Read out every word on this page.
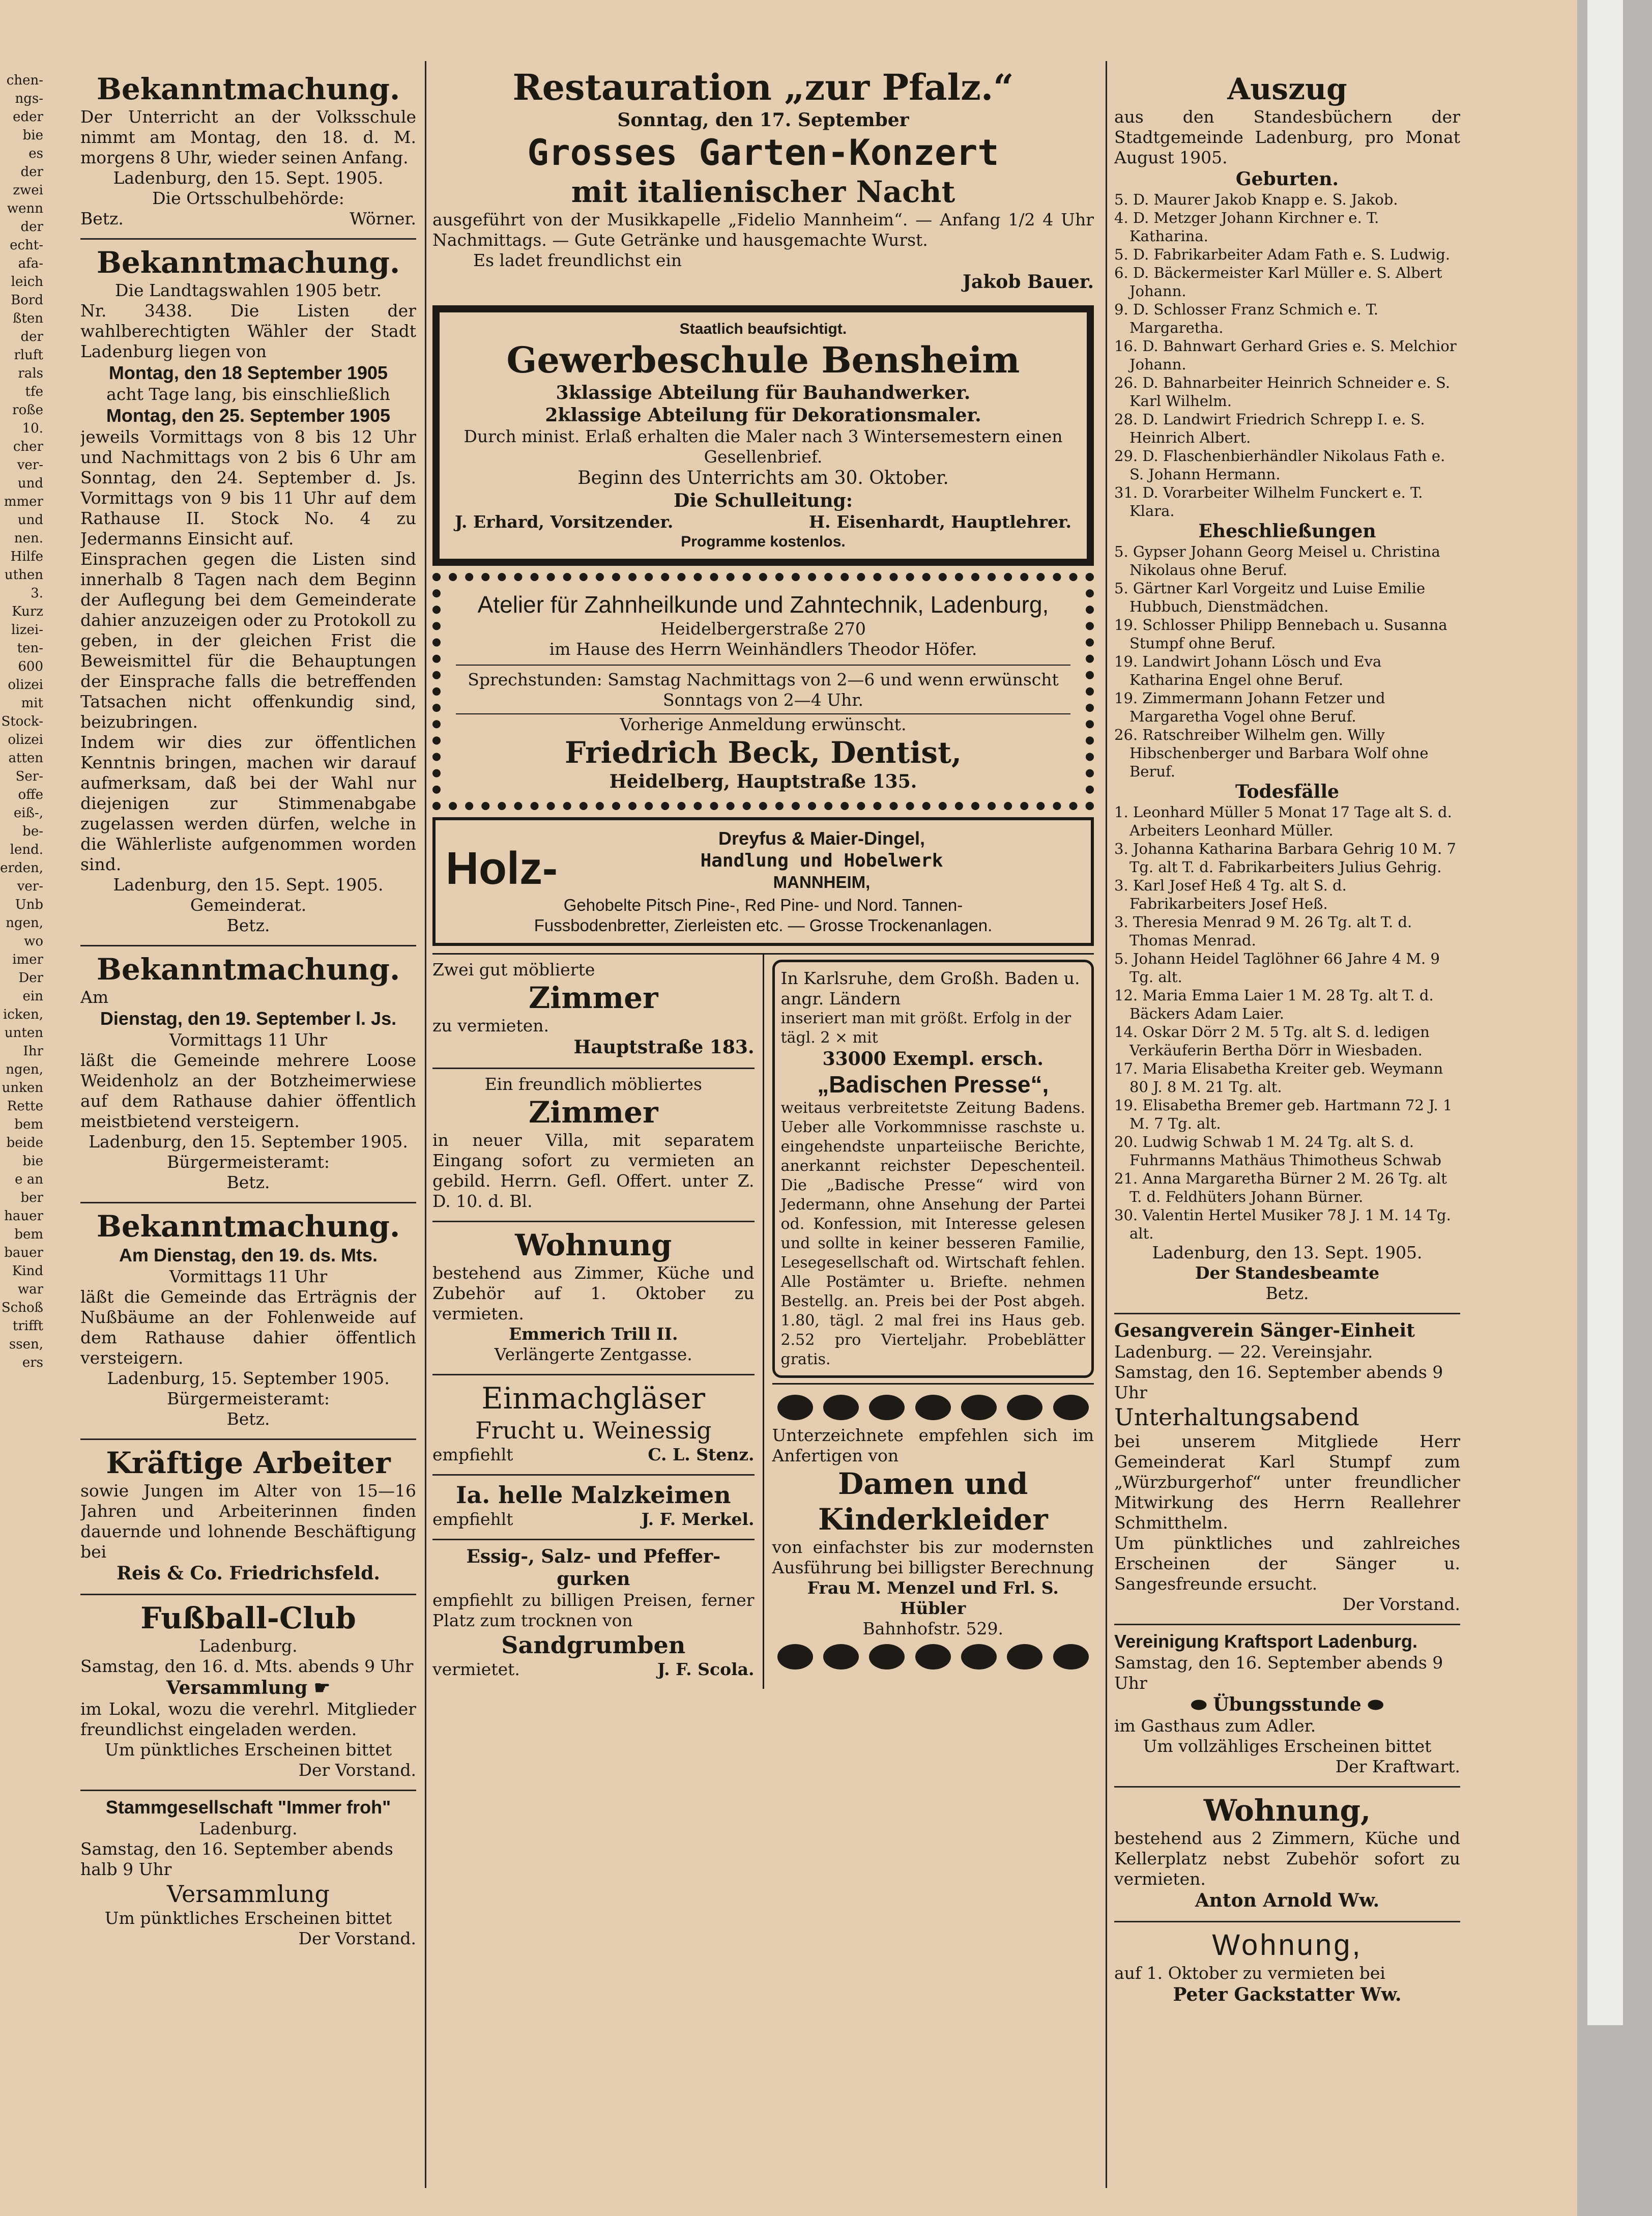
chen-
ngs-
eder
bie
es
der
zwei
wenn
der
echt-
afa-
leich
Bord
ßten
der
rluft
rals
tfe
roße
10.
cher
ver-
und
mmer
und
nen.
Hilfe
uthen
3.
Kurz
lizei-
ten-
600
olizei
mit
Stock-
olizei
atten
Ser-
offe
eiß-,
be-
lend.
erden,
ver-
Unb
ngen,
wo
imer
Der
ein
icken,
unten
Ihr
ngen,
unken
Rette
bem
beide
bie
e an
ber
hauer
bem
bauer
Kind
war
Schoß
trifft
ssen,
ers
Bekanntmachung.
Der Unterricht an der Volksschule nimmt am Montag, den 18. d. M. morgens 8 Uhr, wieder seinen Anfang.
Ladenburg, den 15. Sept. 1905.
Die Ortsschulbehörde:
Betz.	Wörner.
Bekanntmachung.
Die Landtagswahlen 1905 betr.
Nr. 3438. Die Listen der wahlberechtigten Wähler der Stadt Ladenburg liegen von
Montag, den 18 September 1905
acht Tage lang, bis einschließlich
Montag, den 25. September 1905
jeweils Vormittags von 8 bis 12 Uhr und Nachmittags von 2 bis 6 Uhr am Sonntag, den 24. September d. Js. Vormittags von 9 bis 11 Uhr auf dem Rathause II. Stock No. 4 zu Jedermanns Einsicht auf.
Einsprachen gegen die Listen sind innerhalb 8 Tagen nach dem Beginn der Auflegung bei dem Gemeinderate dahier anzuzeigen oder zu Protokoll zu geben, in der gleichen Frist die Beweismittel für die Behauptungen der Einsprache falls die betreffenden Tatsachen nicht offenkundig sind, beizubringen.
Indem wir dies zur öffentlichen Kenntnis bringen, machen wir darauf aufmerksam, daß bei der Wahl nur diejenigen zur Stimmenabgabe zugelassen werden dürfen, welche in die Wählerliste aufgenommen worden sind.
Ladenburg, den 15. Sept. 1905.
Gemeinderat.
Betz.
Bekanntmachung.
Am
Dienstag, den 19. September l. Js.
Vormittags 11 Uhr
läßt die Gemeinde mehrere Loose Weidenholz an der Botzheimerwiese auf dem Rathause dahier öffentlich meistbietend versteigern.
Ladenburg, den 15. September 1905.
Bürgermeisteramt:
Betz.
Bekanntmachung.
Am Dienstag, den 19. ds. Mts.
Vormittags 11 Uhr
läßt die Gemeinde das Erträgnis der Nußbäume an der Fohlenweide auf dem Rathause dahier öffentlich versteigern.
Ladenburg, 15. September 1905.
Bürgermeisteramt:
Betz.
Kräftige Arbeiter
sowie Jungen im Alter von 15—16 Jahren und Arbeiterinnen finden dauernde und lohnende Beschäftigung bei
Reis & Co. Friedrichsfeld.
Fußball-Club
Ladenburg.
Samstag, den 16. d. Mts. abends 9 Uhr
Versammlung ☛
im Lokal, wozu die verehrl. Mitglieder freundlichst eingeladen werden.
Um pünktliches Erscheinen bittet
Der Vorstand.
Stammgesellschaft "Immer froh"
Ladenburg.
Samstag, den 16. September abends halb 9 Uhr
Versammlung
Um pünktliches Erscheinen bittet
Der Vorstand.
Restauration „zur Pfalz.“
Sonntag, den 17. September
Grosses Garten-Konzert
mit italienischer Nacht
ausgeführt von der Musikkapelle „Fidelio Mannheim“. — Anfang 1/2 4 Uhr Nachmittags. — Gute Getränke und hausgemachte Wurst.
Es ladet freundlichst ein
Jakob Bauer.
Staatlich beaufsichtigt.
Gewerbeschule Bensheim
3klassige Abteilung für Bauhandwerker.
2klassige Abteilung für Dekorationsmaler.
Durch minist. Erlaß erhalten die Maler nach 3 Wintersemestern einen Gesellenbrief.
Beginn des Unterrichts am 30. Oktober.
Die Schulleitung:
J. Erhard, Vorsitzender.	H. Eisenhardt, Hauptlehrer.
Programme kostenlos.
Atelier für Zahnheilkunde und Zahntechnik, Ladenburg,
Heidelbergerstraße 270
im Hause des Herrn Weinhändlers Theodor Höfer.
Sprechstunden: Samstag Nachmittags von 2—6 und wenn erwünscht Sonntags von 2—4 Uhr.
Vorherige Anmeldung erwünscht.
Friedrich Beck, Dentist,
Heidelberg, Hauptstraße 135.
Holz-
Dreyfus & Maier-Dingel,
Handlung und Hobelwerk
MANNHEIM,
Gehobelte Pitsch Pine-, Red Pine- und Nord. Tannen-
Fussbodenbretter, Zierleisten etc. — Grosse Trockenanlagen.
Zwei gut möblierte
Zimmer
zu vermieten.
Hauptstraße 183.
Ein freundlich möbliertes
Zimmer
in neuer Villa, mit separatem Eingang sofort zu vermieten an gebild. Herrn. Gefl. Offert. unter Z. D. 10. d. Bl.
Wohnung
bestehend aus Zimmer, Küche und Zubehör auf 1. Oktober zu vermieten.
Emmerich Trill II.
Verlängerte Zentgasse.
Einmachgläser
Frucht u. Weinessig
empfiehlt	C. L. Stenz.
Ia. helle Malzkeimen
empfiehlt	J. F. Merkel.
Essig-, Salz- und Pfeffer-gurken
empfiehlt zu billigen Preisen, ferner Platz zum trocknen von
Sandgrumben
vermietet.	J. F. Scola.
In Karlsruhe, dem Großh. Baden u. angr. Ländern
inseriert man mit größt. Erfolg in der tägl. 2 × mit
33000 Exempl. ersch.
„Badischen Presse“,
weitaus verbreitetste Zeitung Badens. Ueber alle Vorkommnisse raschste u. eingehendste unparteiische Berichte, anerkannt reichster Depeschenteil. Die „Badische Presse“ wird von Jedermann, ohne Ansehung der Partei od. Konfession, mit Interesse gelesen und sollte in keiner besseren Familie, Lesegesellschaft od. Wirtschaft fehlen. Alle Postämter u. Briefte. nehmen Bestellg. an. Preis bei der Post abgeh. 1.80, tägl. 2 mal frei ins Haus geb. 2.52 pro Vierteljahr. Probeblätter gratis.
Unterzeichnete empfehlen sich im Anfertigen von
Damen und Kinderkleider
von einfachster bis zur modernsten Ausführung bei billigster Berechnung
Frau M. Menzel und Frl. S. Hübler
Bahnhofstr. 529.
Auszug
aus den Standesbüchern der Stadtgemeinde Ladenburg, pro Monat August 1905.
Geburten.
5. D. Maurer Jakob Knapp e. S. Jakob.
4. D. Metzger Johann Kirchner e. T. Katharina.
5. D. Fabrikarbeiter Adam Fath e. S. Ludwig.
6. D. Bäckermeister Karl Müller e. S. Albert Johann.
9. D. Schlosser Franz Schmich e. T. Margaretha.
16. D. Bahnwart Gerhard Gries e. S. Melchior Johann.
26. D. Bahnarbeiter Heinrich Schneider e. S. Karl Wilhelm.
28. D. Landwirt Friedrich Schrepp I. e. S. Heinrich Albert.
29. D. Flaschenbierhändler Nikolaus Fath e. S. Johann Hermann.
31. D. Vorarbeiter Wilhelm Funckert e. T. Klara.
Eheschließungen
5. Gypser Johann Georg Meisel u. Christina Nikolaus ohne Beruf.
5. Gärtner Karl Vorgeitz und Luise Emilie Hubbuch, Dienstmädchen.
19. Schlosser Philipp Bennebach u. Susanna Stumpf ohne Beruf.
19. Landwirt Johann Lösch und Eva Katharina Engel ohne Beruf.
19. Zimmermann Johann Fetzer und Margaretha Vogel ohne Beruf.
26. Ratschreiber Wilhelm gen. Willy Hibschenberger und Barbara Wolf ohne Beruf.
Todesfälle
1. Leonhard Müller 5 Monat 17 Tage alt S. d. Arbeiters Leonhard Müller.
3. Johanna Katharina Barbara Gehrig 10 M. 7 Tg. alt T. d. Fabrikarbeiters Julius Gehrig.
3. Karl Josef Heß 4 Tg. alt S. d. Fabrikarbeiters Josef Heß.
3. Theresia Menrad 9 M. 26 Tg. alt T. d. Thomas Menrad.
5. Johann Heidel Taglöhner 66 Jahre 4 M. 9 Tg. alt.
12. Maria Emma Laier 1 M. 28 Tg. alt T. d. Bäckers Adam Laier.
14. Oskar Dörr 2 M. 5 Tg. alt S. d. ledigen Verkäuferin Bertha Dörr in Wiesbaden.
17. Maria Elisabetha Kreiter geb. Weymann 80 J. 8 M. 21 Tg. alt.
19. Elisabetha Bremer geb. Hartmann 72 J. 1 M. 7 Tg. alt.
20. Ludwig Schwab 1 M. 24 Tg. alt S. d. Fuhrmanns Mathäus Thimotheus Schwab
21. Anna Margaretha Bürner 2 M. 26 Tg. alt T. d. Feldhüters Johann Bürner.
30. Valentin Hertel Musiker 78 J. 1 M. 14 Tg. alt.
Ladenburg, den 13. Sept. 1905.
Der Standesbeamte
Betz.
Gesangverein Sänger-Einheit
Ladenburg. — 22. Vereinsjahr.
Samstag, den 16. September abends 9 Uhr
Unterhaltungsabend
bei unserem Mitgliede Herr Gemeinderat Karl Stumpf zum „Würzburgerhof“ unter freundlicher Mitwirkung des Herrn Reallehrer Schmitthelm.
Um pünktliches und zahlreiches Erscheinen der Sänger u. Sangesfreunde ersucht.
Der Vorstand.
Vereinigung Kraftsport Ladenburg.
Samstag, den 16. September abends 9 Uhr
⬬ Übungsstunde ⬬
im Gasthaus zum Adler.
Um vollzähliges Erscheinen bittet
Der Kraftwart.
Wohnung,
bestehend aus 2 Zimmern, Küche und Kellerplatz nebst Zubehör sofort zu vermieten.
Anton Arnold Ww.
Wohnung,
auf 1. Oktober zu vermieten bei
Peter Gackstatter Ww.
